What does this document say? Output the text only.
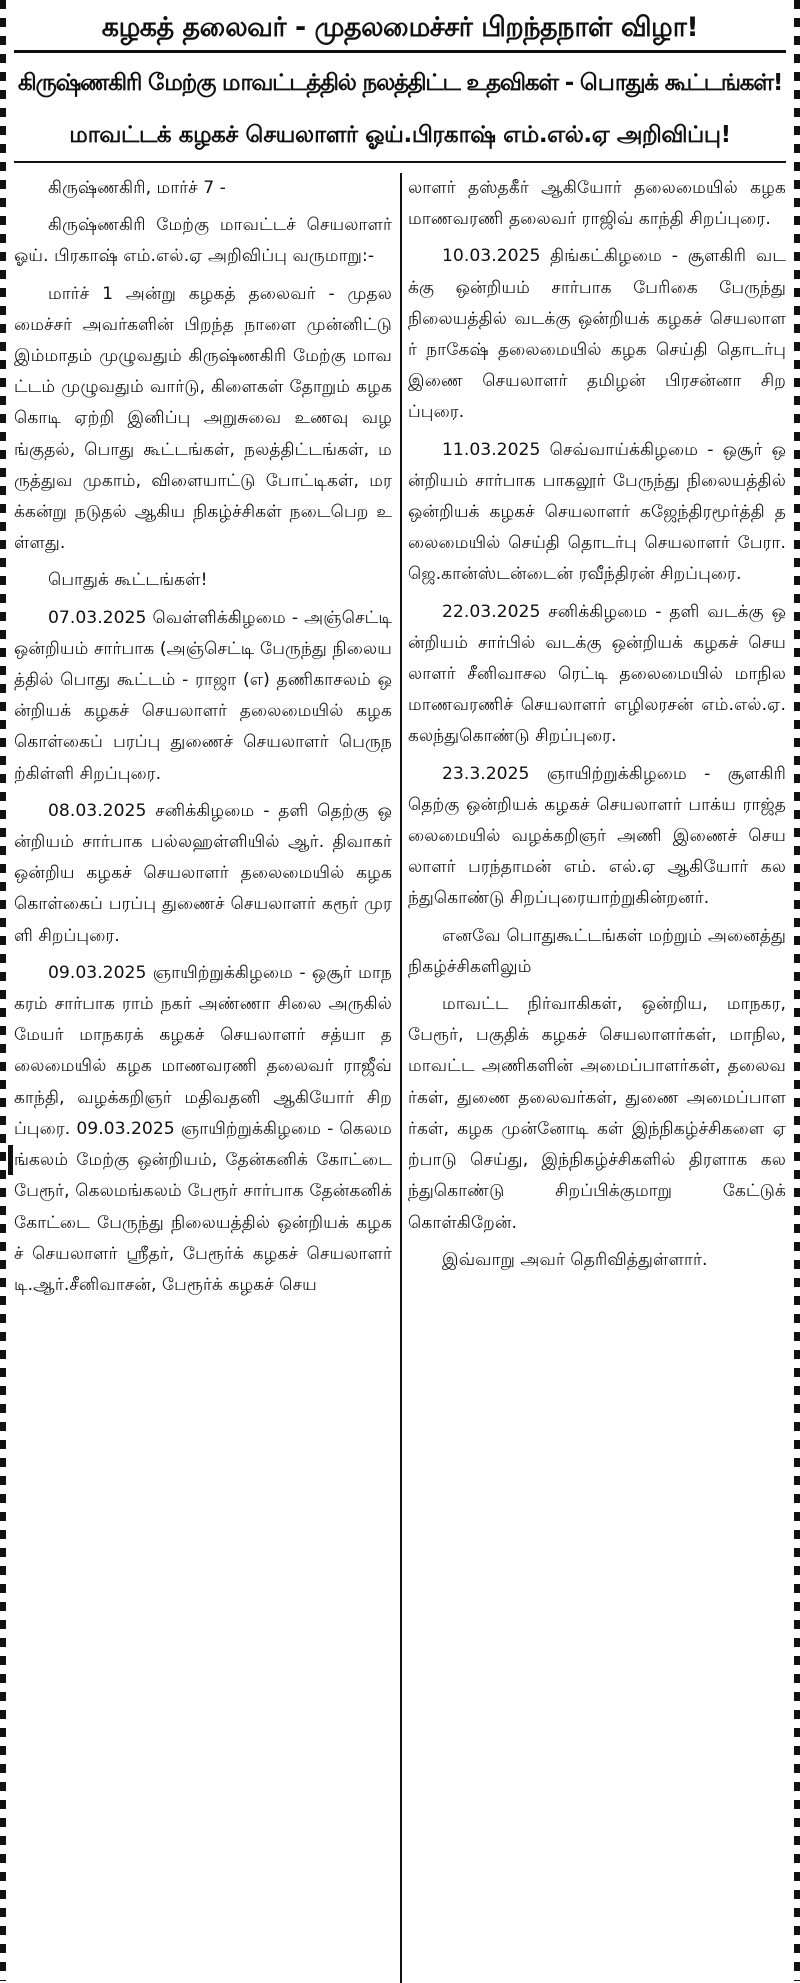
கழகத் தலைவர் - முதலமைச்சர் பிறந்தநாள் விழா!
கிருஷ்ணகிரி மேற்கு மாவட்டத்தில் நலத்திட்ட உதவிகள் - பொதுக் கூட்டங்கள்!
மாவட்டக் கழகச் செயலாளர் ஓய்.பிரகாஷ் எம்.எல்.ஏ அறிவிப்பு!

கிருஷ்ணகிரி, மார்ச் 7 -

கிருஷ்ணகிரி மேற்கு மாவட்டச் செயலாளர் ஓய். பிரகாஷ் எம்.எல்.ஏ அறிவிப்பு வருமாறு:-

மார்ச் 1 அன்று கழகத் தலைவர் - முதலமைச்சர் அவர்களின் பிறந்த நாளை முன்னிட்டு இம்மாதம் முழுவதும் கிருஷ்ணகிரி மேற்கு மாவட்டம் முழுவதும் வார்டு, கிளைகள் தோறும் கழக கொடி ஏற்றி இனிப்பு அறுசுவை உணவு வழங்குதல், பொது கூட்டங்கள், நலத்திட்டங்கள், மருத்துவ முகாம், விளையாட்டு போட்டிகள், மரக்கன்று நடுதல் ஆகிய நிகழ்ச்சிகள் நடைபெற உள்ளது.

பொதுக் கூட்டங்கள்!

07.03.2025 வெள்ளிக்கிழமை - அஞ்செட்டி ஒன்றியம் சார்பாக (அஞ்செட்டி பேருந்து நிலையத்தில் பொது கூட்டம் - ராஜா (எ) தணிகாசலம் ஒன்றியக் கழகச் செயலாளர் தலைமையில் கழக கொள்கைப் பரப்பு துணைச் செயலாளர் பெருநற்கிள்ளி சிறப்புரை.

08.03.2025 சனிக்கிழமை - தளி தெற்கு ஒன்றியம் சார்பாக பல்லஹள்ளியில் ஆர். திவாகர் ஒன்றிய கழகச் செயலாளர் தலைமையில் கழக கொள்கைப் பரப்பு துணைச் செயலாளர் கரூர் முரளி சிறப்புரை.

09.03.2025 ஞாயிற்றுக்கிழமை - ஒசூர் மாநகரம் சார்பாக ராம் நகர் அண்ணா சிலை அருகில் மேயர் மாநகரக் கழகச் செயலாளர் சத்யா தலைமையில் கழக மாணவரணி தலைவர் ராஜீவ் காந்தி, வழக்கறிஞர் மதிவதனி ஆகியோர் சிறப்புரை. 09.03.2025 ஞாயிற்றுக்கிழமை - கெலமங்கலம் மேற்கு ஒன்றியம், தேன்கனிக் கோட்டை பேரூர், கெலமங்கலம் பேரூர் சார்பாக தேன்கனிக் கோட்டை பேருந்து நிலையத்தில் ஒன்றியக் கழகச் செயலாளர் ஸ்ரீதர், பேரூர்க் கழகச் செயலாளர் டி.ஆர்.சீனிவாசன், பேரூர்க் கழகச் செய

லாளர் தஸ்தகீர் ஆகியோர் தலைமையில் கழக மாணவரணி தலைவர் ராஜிவ் காந்தி சிறப்புரை.

10.03.2025 திங்கட்கிழமை - சூளகிரி வடக்கு ஒன்றியம் சார்பாக பேரிகை பேருந்து நிலையத்தில் வடக்கு ஒன்றியக் கழகச் செயலாளர் நாகேஷ் தலைமையில் கழக செய்தி தொடர்பு இணை செயலாளர் தமிழன் பிரசன்னா சிறப்புரை.

11.03.2025 செவ்வாய்க்கிழமை - ஒசூர் ஒன்றியம் சார்பாக பாகலூர் பேருந்து நிலையத்தில் ஒன்றியக் கழகச் செயலாளர் கஜேந்திரமூர்த்தி தலைமையில் செய்தி தொடர்பு செயலாளர் பேரா. ஜெ.கான்ஸ்டன்டைன் ரவீந்திரன் சிறப்புரை.

22.03.2025 சனிக்கிழமை - தளி வடக்கு ஒன்றியம் சார்பில் வடக்கு ஒன்றியக் கழகச் செயலாளர் சீனிவாசல ரெட்டி தலைமையில் மாநில மாணவரணிச் செயலாளர் எழிலரசன் எம்.எல்.ஏ. கலந்துகொண்டு சிறப்புரை.

23.3.2025 ஞாயிற்றுக்கிழமை - சூளகிரி தெற்கு ஒன்றியக் கழகச் செயலாளர் பாக்ய ராஜ்தலைமையில் வழக்கறிஞர் அணி இணைச் செயலாளர் பரந்தாமன் எம். எல்.ஏ ஆகியோர் கலந்துகொண்டு சிறப்புரையாற்றுகின்றனர்.

எனவே பொதுகூட்டங்கள் மற்றும் அனைத்து நிகழ்ச்சிகளிலும்

மாவட்ட நிர்வாகிகள், ஒன்றிய, மாநகர, பேரூர், பகுதிக் கழகச் செயலாளர்கள், மாநில, மாவட்ட அணிகளின் அமைப்பாளர்கள், தலைவர்கள், துணை தலைவர்கள், துணை அமைப்பாளர்கள், கழக முன்னோடி கள் இந்நிகழ்ச்சிகளை ஏற்பாடு செய்து, இந்நிகழ்ச்சிகளில் திரளாக கலந்துகொண்டு சிறப்பிக்குமாறு கேட்டுக் கொள்கிறேன்.

இவ்வாறு அவர் தெரிவித்துள்ளார்.
